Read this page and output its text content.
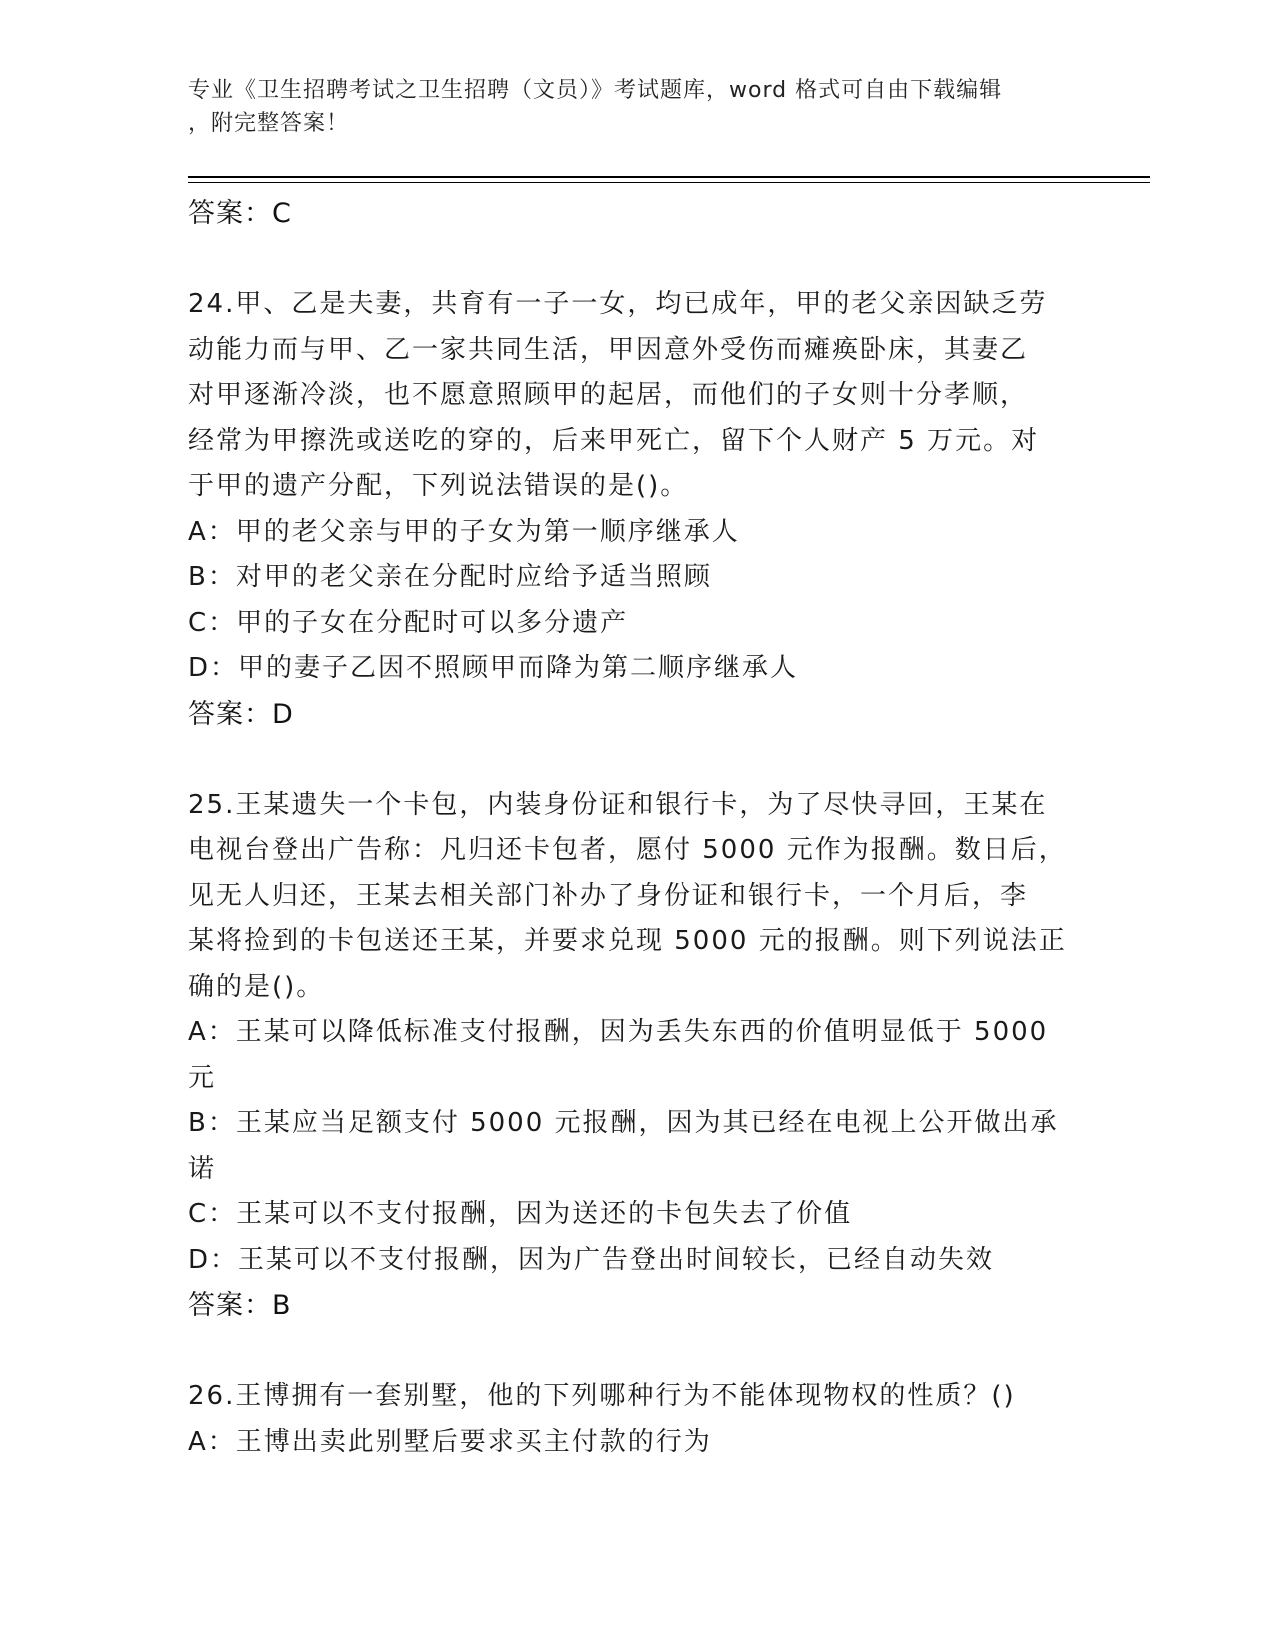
专业《卫生招聘考试之卫生招聘（文员）》考试题库，word 格式可自由下载编辑
，附完整答案！
答案：C
24.甲、乙是夫妻，共育有一子一女，均已成年，甲的老父亲因缺乏劳
动能力而与甲、乙一家共同生活，甲因意外受伤而瘫痪卧床，其妻乙
对甲逐渐冷淡，也不愿意照顾甲的起居，而他们的子女则十分孝顺，
经常为甲擦洗或送吃的穿的，后来甲死亡，留下个人财产 5 万元。对
于甲的遗产分配，下列说法错误的是()。
A：甲的老父亲与甲的子女为第一顺序继承人
B：对甲的老父亲在分配时应给予适当照顾
C：甲的子女在分配时可以多分遗产
D：甲的妻子乙因不照顾甲而降为第二顺序继承人
答案：D
25.王某遗失一个卡包，内装身份证和银行卡，为了尽快寻回，王某在
电视台登出广告称：凡归还卡包者，愿付 5000 元作为报酬。数日后，
见无人归还，王某去相关部门补办了身份证和银行卡，一个月后，李
某将捡到的卡包送还王某，并要求兑现 5000 元的报酬。则下列说法正
确的是()。
A：王某可以降低标准支付报酬，因为丢失东西的价值明显低于 5000
元
B：王某应当足额支付 5000 元报酬，因为其已经在电视上公开做出承
诺
C：王某可以不支付报酬，因为送还的卡包失去了价值
D：王某可以不支付报酬，因为广告登出时间较长，已经自动失效
答案：B
26.王博拥有一套别墅，他的下列哪种行为不能体现物权的性质？()
A：王博出卖此别墅后要求买主付款的行为
